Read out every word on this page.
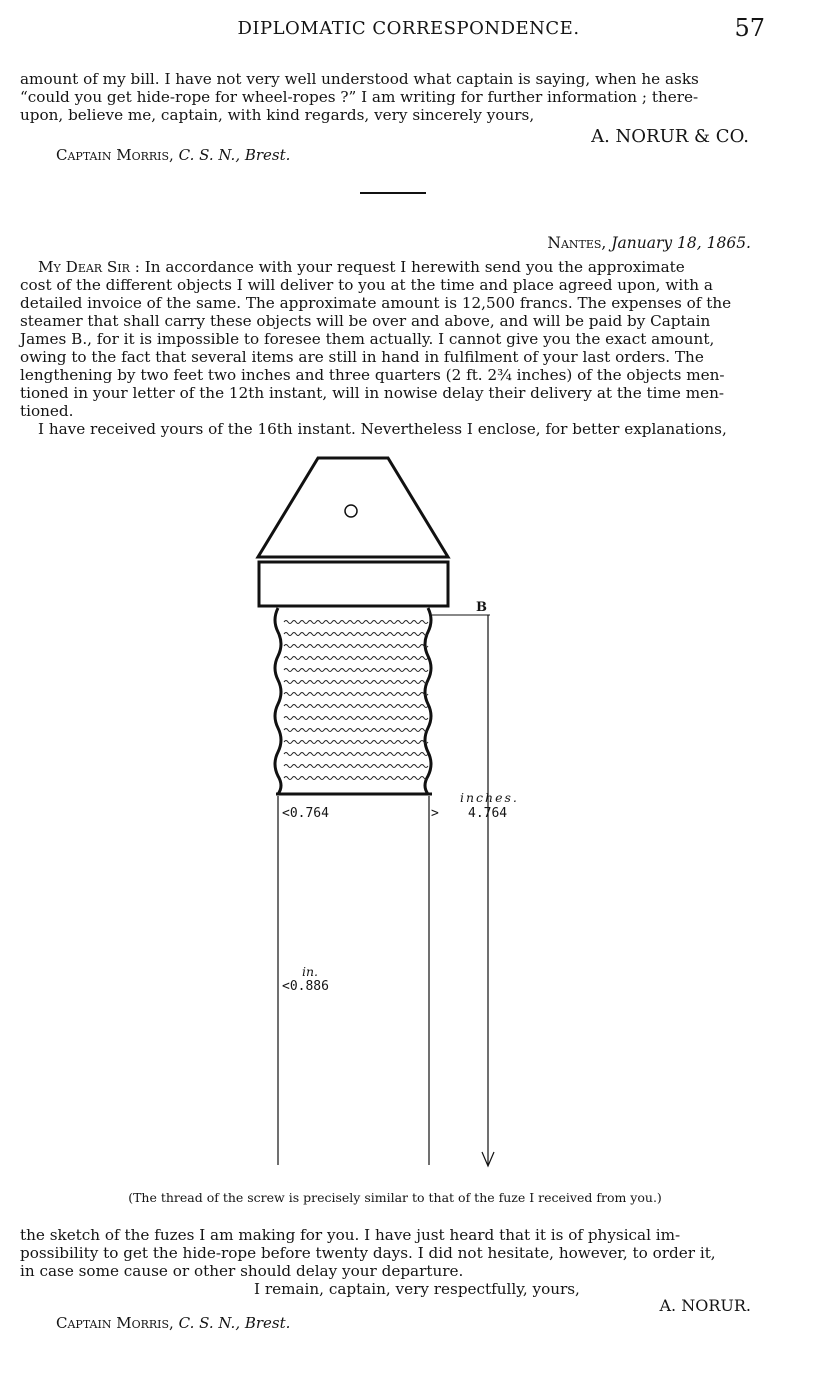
DIPLOMATIC CORRESPONDENCE.	57
amount of my bill. I have not very well understood what captain is saying, when he asks
“could you get hide-rope for wheel-ropes ?” I am writing for further information ; there-
upon, believe me, captain, with kind regards, very sincerely yours,
A. NORUR & CO.
Captain Morris, C. S. N., Brest.
Nantes, January 18, 1865.
My Dear Sir : In accordance with your request I herewith send you the approximate
cost of the different objects I will deliver to you at the time and place agreed upon, with a
detailed invoice of the same. The approximate amount is 12,500 francs. The expenses of the
steamer that shall carry these objects will be over and above, and will be paid by Captain
James B., for it is impossible to foresee them actually. I cannot give you the exact amount,
owing to the fact that several items are still in hand in fulfilment of your last orders. The
lengthening by two feet two inches and three quarters (2 ft. 2¾ inches) of the objects men-
tioned in your letter of the 12th instant, will in nowise delay their delivery at the time men-
tioned.
I have received yours of the 16th instant. Nevertheless I enclose, for better explanations,
B
<0.764	>
inches.
4.764
in.
<0.886
(The thread of the screw is precisely similar to that of the fuze I received from you.)
the sketch of the fuzes I am making for you. I have just heard that it is of physical im-
possibility to get the hide-rope before twenty days. I did not hesitate, however, to order it,
in case some cause or other should delay your departure.
I remain, captain, very respectfully, yours,
A. NORUR.
Captain Morris, C. S. N., Brest.
